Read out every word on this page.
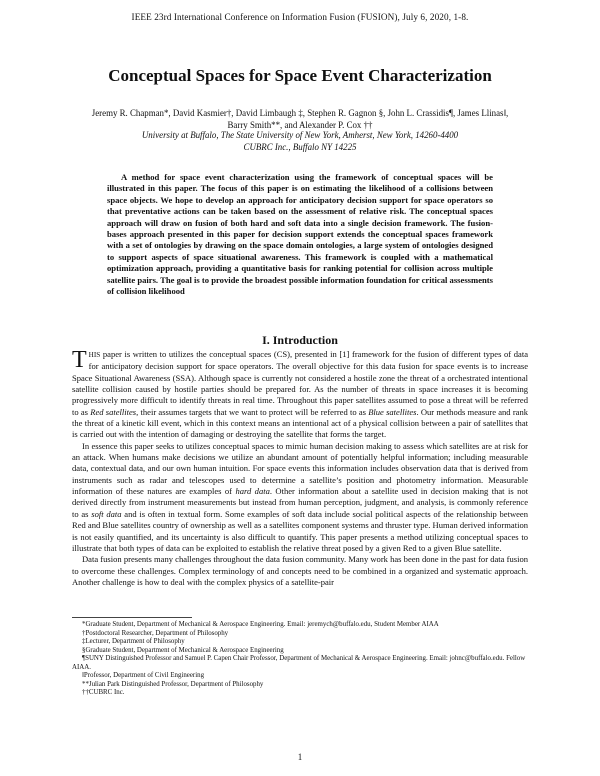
IEEE 23rd International Conference on Information Fusion (FUSION), July 6, 2020, 1-8.
Conceptual Spaces for Space Event Characterization
Jeremy R. Chapman*, David Kasmier†, David Limbaugh ‡, Stephen R. Gagnon §, John L. Crassidis¶, James Llinas‖,
Barry Smith**, and Alexander P. Cox ††
University at Buffalo, The State University of New York, Amherst, New York, 14260-4400
CUBRC Inc., Buffalo NY 14225

A method for space event characterization using the framework of conceptual spaces will be illustrated in this paper. The focus of this paper is on estimating the likelihood of a collisions between space objects. We hope to develop an approach for anticipatory decision support for space operators so that preventative actions can be taken based on the assessment of relative risk. The conceptual spaces approach will draw on fusion of both hard and soft data into a single decision framework. The fusion-bases approach presented in this paper for decision support extends the conceptual spaces framework with a set of ontologies by drawing on the space domain ontologies, a large system of ontologies designed to support aspects of space situational awareness. This framework is coupled with a mathematical optimization approach, providing a quantitative basis for ranking potential for collision across multiple satellite pairs. The goal is to provide the broadest possible information foundation for critical assessments of collision likelihood

I. Introduction

THIS paper is written to utilizes the conceptual spaces (CS), presented in [1] framework for the fusion of different types of data for anticipatory decision support for space operators. The overall objective for this data fusion for space events is to increase Space Situational Awareness (SSA). Although space is currently not considered a hostile zone the threat of a orchestrated intentional satellite collision caused by hostile parties should be prepared for. As the number of threats in space increases it is becoming progressively more difficult to identify threats in real time. Throughout this paper satellites assumed to pose a threat will be referred to as Red satellites, their assumes targets that we want to protect will be referred to as Blue satellites. Our methods measure and rank the threat of a kinetic kill event, which in this context means an intentional act of a physical collision between a pair of satellites that is carried out with the intention of damaging or destroying the satellite that forms the target.

In essence this paper seeks to utilizes conceptual spaces to mimic human decision making to assess which satellites are at risk for an attack. When humans make decisions we utilize an abundant amount of potentially helpful information; including measurable data, contextual data, and our own human intuition. For space events this information includes observation data that is derived from instruments such as radar and telescopes used to determine a satellite’s position and photometry information. Measurable information of these natures are examples of hard data. Other information about a satellite used in decision making that is not derived directly from instrument measurements but instead from human perception, judgment, and analysis, is commonly reference to as soft data and is often in textual form. Some examples of soft data include social political aspects of the relationship between Red and Blue satellites country of ownership as well as a satellites component systems and thruster type. Human derived information is not easily quantified, and its uncertainty is also difficult to quantify. This paper presents a method utilizing conceptual spaces to illustrate that both types of data can be exploited to establish the relative threat posed by a given Red to a given Blue satellite.

Data fusion presents many challenges throughout the data fusion community. Many work has been done in the past for data fusion to overcome these challenges. Complex terminology of and concepts need to be combined in a organized and systematic approach. Another challenge is how to deal with the complex physics of a satellite-pair

*Graduate Student, Department of Mechanical & Aerospace Engineering. Email: jeremych@buffalo.edu, Student Member AIAA
†Postdoctoral Researcher, Department of Philosophy
‡Lecturer, Department of Philosophy
§Graduate Student, Department of Mechanical & Aerospace Engineering
¶SUNY Distinguished Professor and Samuel P. Capen Chair Professor, Department of Mechanical & Aerospace Engineering. Email: johnc@buffalo.edu. Fellow AIAA.
‖Professor, Department of Civil Engineering
**Julian Park Distinguished Professor, Department of Philosophy
††CUBRC Inc.
1
